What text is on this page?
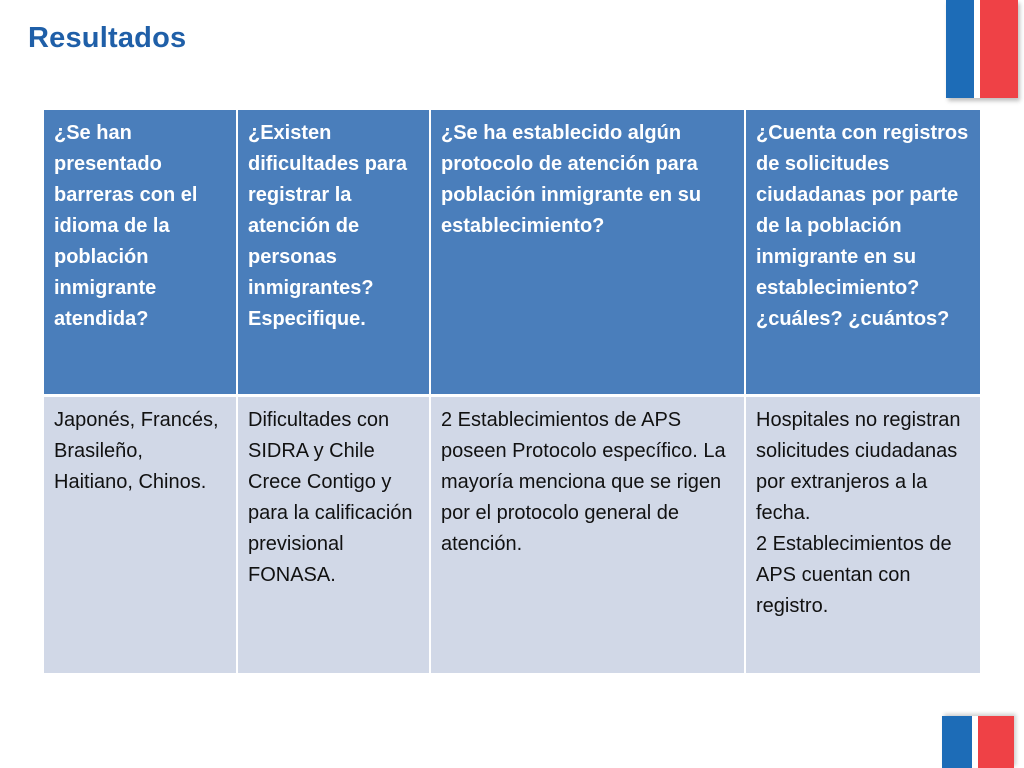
Resultados
¿Se han presentado barreras con el idioma de la población inmigrante atendida?	¿Existen dificultades para registrar la atención de personas inmigrantes? Especifique.	¿Se ha establecido algún protocolo de atención para población inmigrante en su establecimiento?	¿Cuenta con registros de solicitudes ciudadanas por parte de la población inmigrante en su establecimiento? ¿cuáles? ¿cuántos?
Japonés, Francés, Brasileño, Haitiano, Chinos.	Dificultades con SIDRA y Chile Crece Contigo y para la calificación previsional FONASA.	2 Establecimientos de APS poseen Protocolo específico. La mayoría menciona que se rigen por el protocolo general de atención.	Hospitales no registran solicitudes ciudadanas por extranjeros a la fecha.
2 Establecimientos de APS cuentan con registro.
